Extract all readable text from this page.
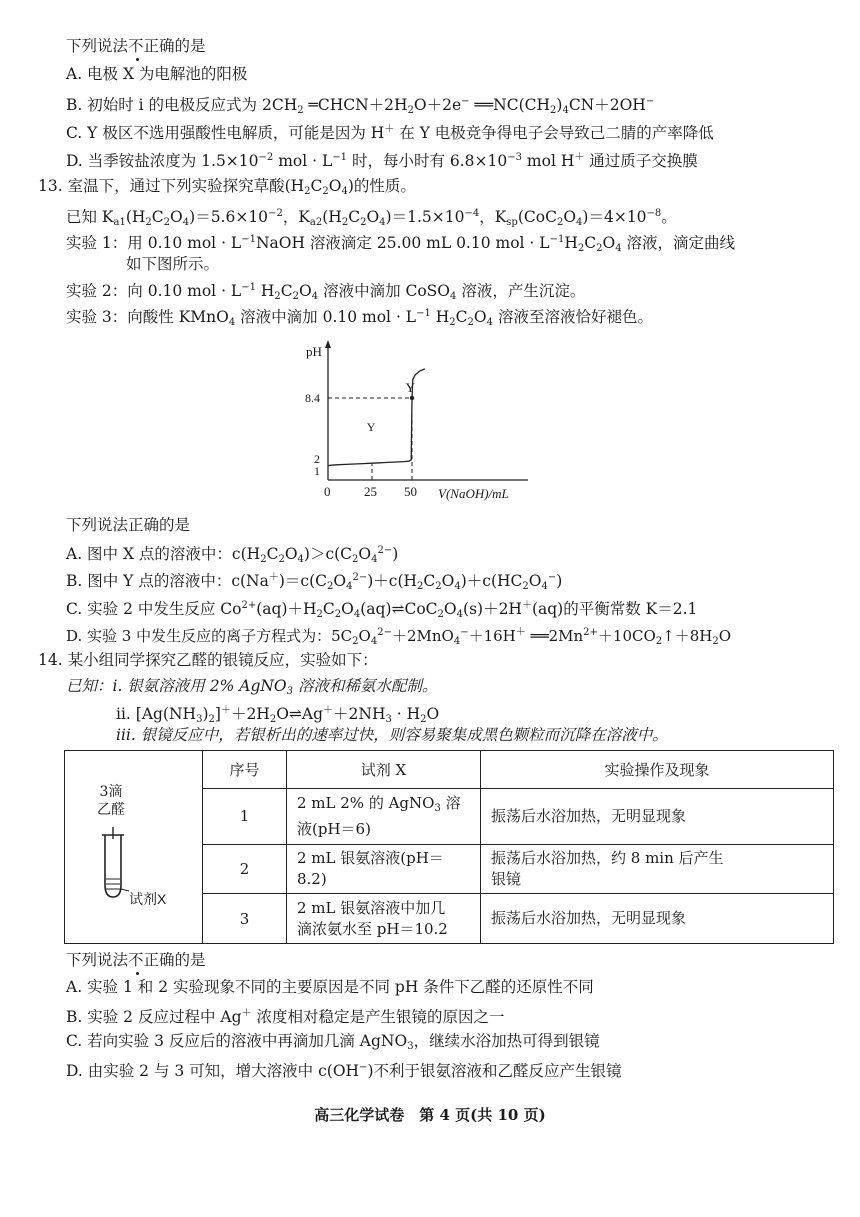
下列说法不正确的是
A. 电极 X 为电解池的阳极
B. 初始时 ⅰ 的电极反应式为 $2CH_2$ $═CHCN+2H_2O+2e^-$ $══NC(CH_2)_4CN+2OH^-$
C. Y 极区不选用强酸性电解质，可能是因为 H＋ 在 Y 电极竞争得电子会导致己二腈的产率降低
D. 当季铵盐浓度为 $1.5\times 10^{-2}$ mol · $L^{-1}$ 时，每小时有 $6.8\times 10^{-3}$ mol H＋ 通过质子交换膜
13. 室温下，通过下列实验探究草酸$(H_2C_2O_4)$的性质。
已知 $K_{a1}(H_2C_2O_4)=5.6\times 10^{-2}$，$K_{a2}(H_2C_2O_4)=1.5\times 10^{-4}$，$K_{sp}(CoC_2O_4)=4\times 10^{-8}$。
实验 1：用 0.10 mol · $L^{-1}NaOH$ 溶液滴定 25.00 mL 0.10 mol · $L^{-1}H_2C_2O_4$ 溶液，滴定曲线
如下图所示。
实验 2：向 0.10 mol · $L^{-1}$ $H_2C_2O_4$ 溶液中滴加 CoSO$_4$ 溶液，产生沉淀。
实验 3：向酸性 KMnO$_4$ 溶液中滴加 0.10 mol · $L^{-1}$ $H_2C_2O_4$ 溶液至溶液恰好褪色。
pH
V(NaOH)/mL
0	25 50
1
2
8.4
Y
Y
下列说法正确的是
A. 图中 X 点的溶液中：$c(H_2C_2O_4)>c(C_2O_4^{2-})$
B. 图中 Y 点的溶液中：$c(Na^+)=c(C_2O_4^{2-})+c(H_2C_2O_4)+c(HC_2O_4^-)$
C. 实验 2 中发生反应 $Co^{2+}(aq)+H_2C_2O_4(aq)\rightleftharpoons CoC_2O_4(s)+2H^+(aq)$的平衡常数 K＝2.1
D. 实验 3 中发生反应的离子方程式为：$5C_2O_4^{2-}+2MnO_4^-+16H^+$ $══2Mn^{2+}+10CO_2↑+8H_2O$
14. 某小组同学探究乙醛的银镜反应，实验如下：
已知：ⅰ. 银氨溶液用 2% AgNO$_3$ 溶液和稀氨水配制。
ⅱ. $[Ag(NH_3)_2]^++2H_2O\rightleftharpoons Ag^++2NH_3 \cdot H_2O$
ⅲ. 银镜反应中，若银析出的速率过快，则容易聚集成黑色颗粒而沉降在溶液中。
3滴
乙醛
试剂X	序号	试剂 X	实验操作及现象
	1	2 mL 2% 的 AgNO$_3$ 溶
液(pH＝6)	振荡后水浴加热，无明显现象
	2	2 mL 银氨溶液(pH＝
8.2)	振荡后水浴加热，约 8 min 后产生
银镜
	3	2 mL 银氨溶液中加几
滴浓氨水至 pH＝10.2	振荡后水浴加热，无明显现象
下列说法不正确的是
A. 实验 1 和 2 实验现象不同的主要原因是不同 pH 条件下乙醛的还原性不同
B. 实验 2 反应过程中 Ag＋ 浓度相对稳定是产生银镜的原因之一
C. 若向实验 3 反应后的溶液中再滴加几滴 AgNO$_3$，继续水浴加热可得到银镜
D. 由实验 2 与 3 可知，增大溶液中 c(OH−)不利于银氨溶液和乙醛反应产生银镜
高三化学试卷　第 4 页(共 10 页)
